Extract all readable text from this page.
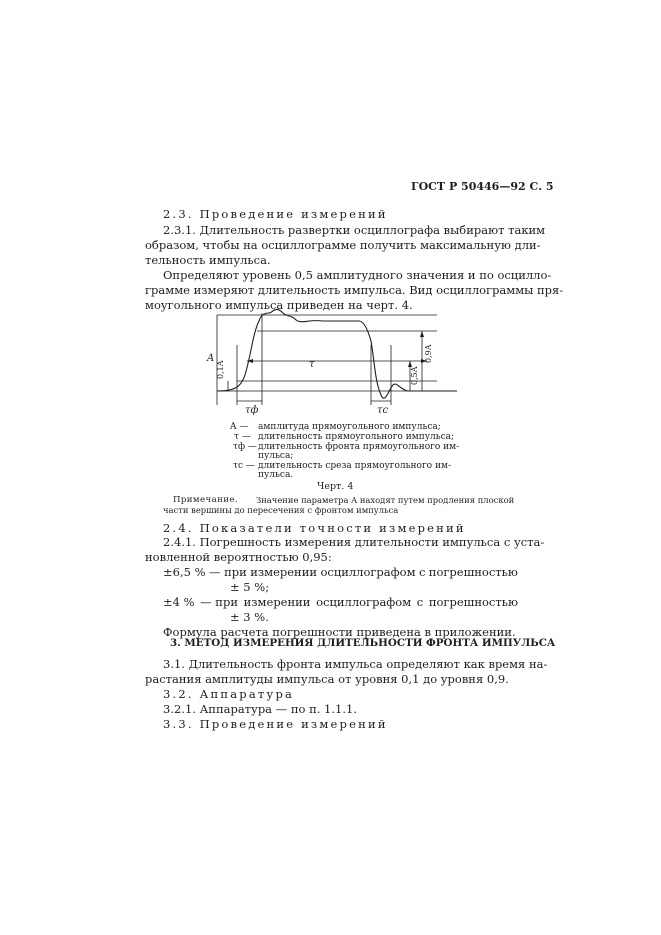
ГОСТ Р 50446—92 С. 5
2.3. Проведение измерений
2.3.1. Длительность развертки осциллографа выбирают таким
образом, чтобы на осциллограмме получить максимальную дли-
тельность импульса.
Определяют уровень 0,5 амплитудного значения и по осцилло-
грамме измеряют длительность импульса. Вид осциллограммы пря-
моугольного импульса приведен на черт. 4.
A
0,1A
0,9A
0,5A
τ
τф	τс
A — амплитуда прямоугольного импульса;
τ — длительность прямоугольного импульса;
τф — длительность фронта прямоугольного им-
пульса;
τс — длительность среза прямоугольного им-
пульса.
Черт. 4
Примечание. Значение параметра A находят путем продления плоской
части вершины до пересечения с фронтом импульса
2.4. Показатели точности измерений
2.4.1. Погрешность измерения длительности импульса с уста-
новленной вероятностью 0,95:
±6,5 % — при измерении осциллографом с погрешностью
± 5 %;
±4 % — при измерении осциллографом с погрешностью
± 3 %.
Формула расчета погрешности приведена в приложении.
3. МЕТОД ИЗМЕРЕНИЯ ДЛИТЕЛЬНОСТИ ФРОНТА ИМПУЛЬСА
3.1. Длительность фронта импульса определяют как время на-
растания амплитуды импульса от уровня 0,1 до уровня 0,9.
3.2. Аппаратура
3.2.1. Аппаратура — по п. 1.1.1.
3.3. Проведение измерений
